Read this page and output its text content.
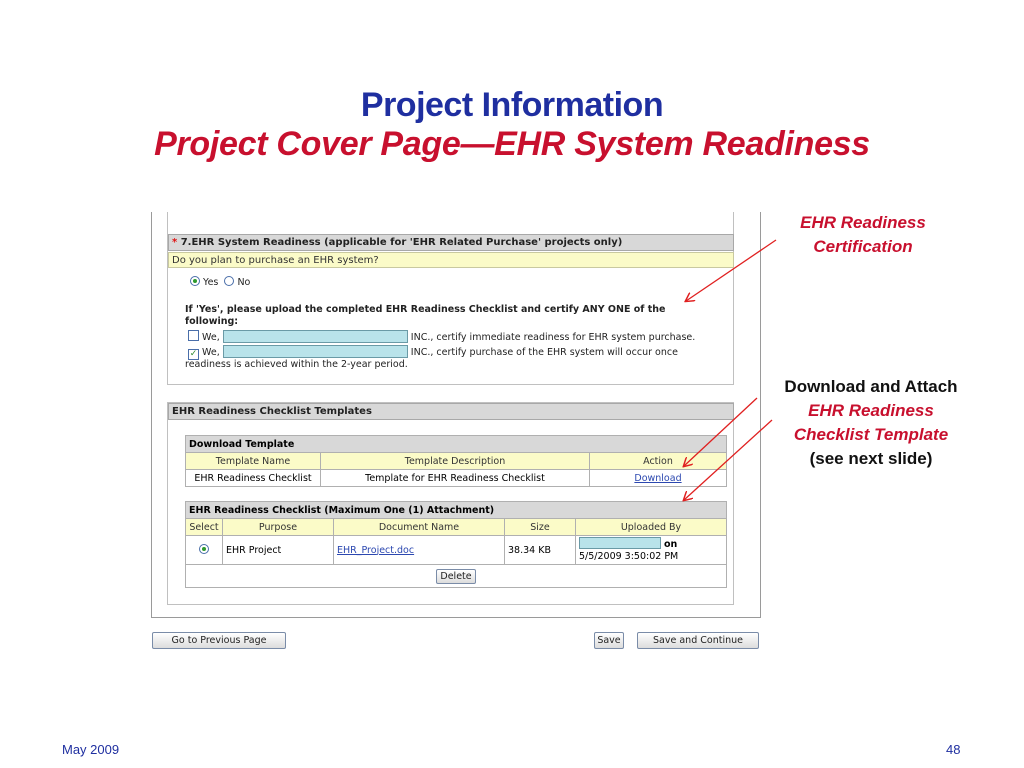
Project Information
Project Cover Page—EHR System Readiness
* 7.EHR System Readiness (applicable for 'EHR Related Purchase' projects only)
Do you plan to purchase an EHR system?
Yes No
If 'Yes', please upload the completed EHR Readiness Checklist and certify ANY ONE of the following:
We,	INC., certify immediate readiness for EHR system purchase.
✓ We,	INC., certify purchase of the EHR system will occur once
readiness is achieved within the 2-year period.
EHR Readiness Checklist Templates
Download Template		
Template Name	Template Description	Action
EHR Readiness Checklist	Template for EHR Readiness Checklist	Download
EHR Readiness Checklist (Maximum One (1) Attachment)				
Select	Purpose	Document Name	Size	Uploaded By
	EHR Project	EHR_Project.doc	38.34 KB	on
5/5/2009 3:50:02 PM
Delete				
Go to Previous Page	Save	Save and Continue
EHR Readiness
Certification
Download and Attach
EHR Readiness
Checklist Template
(see next slide)
May 2009	48
